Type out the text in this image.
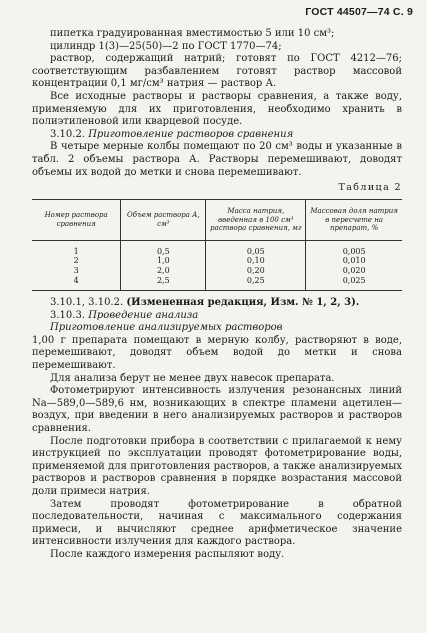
ГОСТ 44507—74 С. 9

пипетка градуированная вместимостью 5 или 10 см³;

цилиндр 1(3)—25(50)—2 по ГОСТ 1770—74;

раствор, содержащий натрий; готовят по ГОСТ 4212—76; соответствующим разбавлением готовят раствор массовой концентрации 0,1 мг/см³ натрия — раствор А.

Все исходные растворы и растворы сравнения, а также воду, применяемую для их приготовления, необходимо хранить в полиэтиленовой или кварцевой посуде.

3.10.2. Приготовление растворов сравнения

В четыре мерные колбы помещают по 20 см³ воды и указанные в табл. 2 объемы раствора А. Растворы перемешивают, доводят объемы их водой до метки и снова перемешивают.

Таблица 2
Номер раствора сравнения	Объем раствора А, см³	Масса натрия, введенная в 100 см³ раствора сравнения, мг	Массовая доля натрия в пересчете на препарат, %
1	0,5	0,05	0,005
2	1,0	0,10	0,010
3	2,0	0,20	0,020
4	2,5	0,25	0,025

3.10.1, 3.10.2. (Измененная редакция, Изм. № 1, 2, 3).

3.10.3. Проведение анализа

Приготовление анализируемых растворов

1,00 г препарата помещают в мерную колбу, растворяют в воде, перемешивают, доводят объем водой до метки и снова перемешивают.

Для анализа берут не менее двух навесок препарата.

Фотометрируют интенсивность излучения резонансных линий Na—589,0—589,6 нм, возникающих в спектре пламени ацетилен—воздух, при введении в него анализируемых растворов и растворов сравнения.

После подготовки прибора в соответствии с прилагаемой к нему инструкцией по эксплуатации проводят фотометрирование воды, применяемой для приготовления растворов, а также анализируемых растворов и растворов сравнения в порядке возрастания массовой доли примеси натрия.

Затем проводят фотометрирование в обратной последовательности, начиная с максимального содержания примеси, и вычисляют среднее арифметическое значение интенсивности излучения для каждого раствора.

После каждого измерения распыляют воду.
